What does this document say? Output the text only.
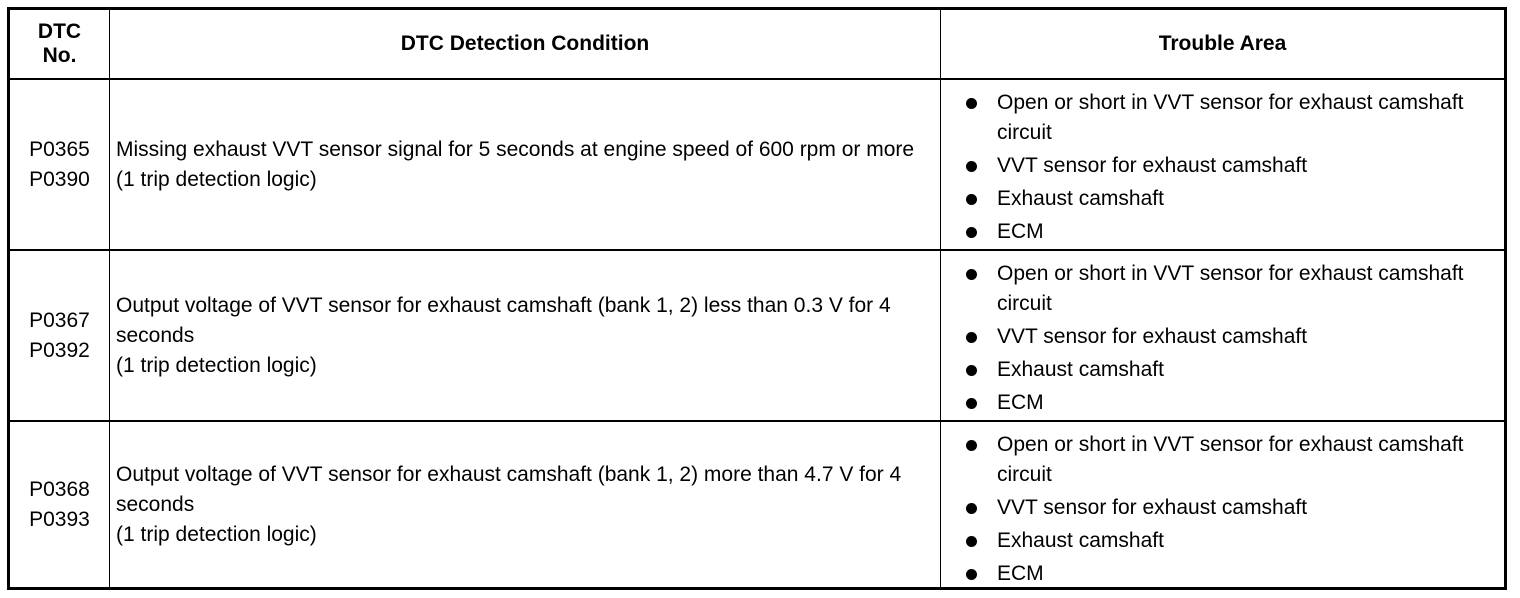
DTC No.
DTC Detection Condition	Trouble Area
P0365
P0390
Missing exhaust VVT sensor signal for 5 seconds at engine speed of 600 rpm or more
(1 trip detection logic)
Open or short in VVT sensor for exhaust camshaft circuit
VVT sensor for exhaust camshaft
Exhaust camshaft
ECM
P0367
P0392
Output voltage of VVT sensor for exhaust camshaft (bank 1, 2) less than 0.3 V for 4 seconds
(1 trip detection logic)
Open or short in VVT sensor for exhaust camshaft circuit
VVT sensor for exhaust camshaft
Exhaust camshaft
ECM
P0368
P0393
Output voltage of VVT sensor for exhaust camshaft (bank 1, 2) more than 4.7 V for 4 seconds
(1 trip detection logic)
Open or short in VVT sensor for exhaust camshaft circuit
VVT sensor for exhaust camshaft
Exhaust camshaft
ECM
